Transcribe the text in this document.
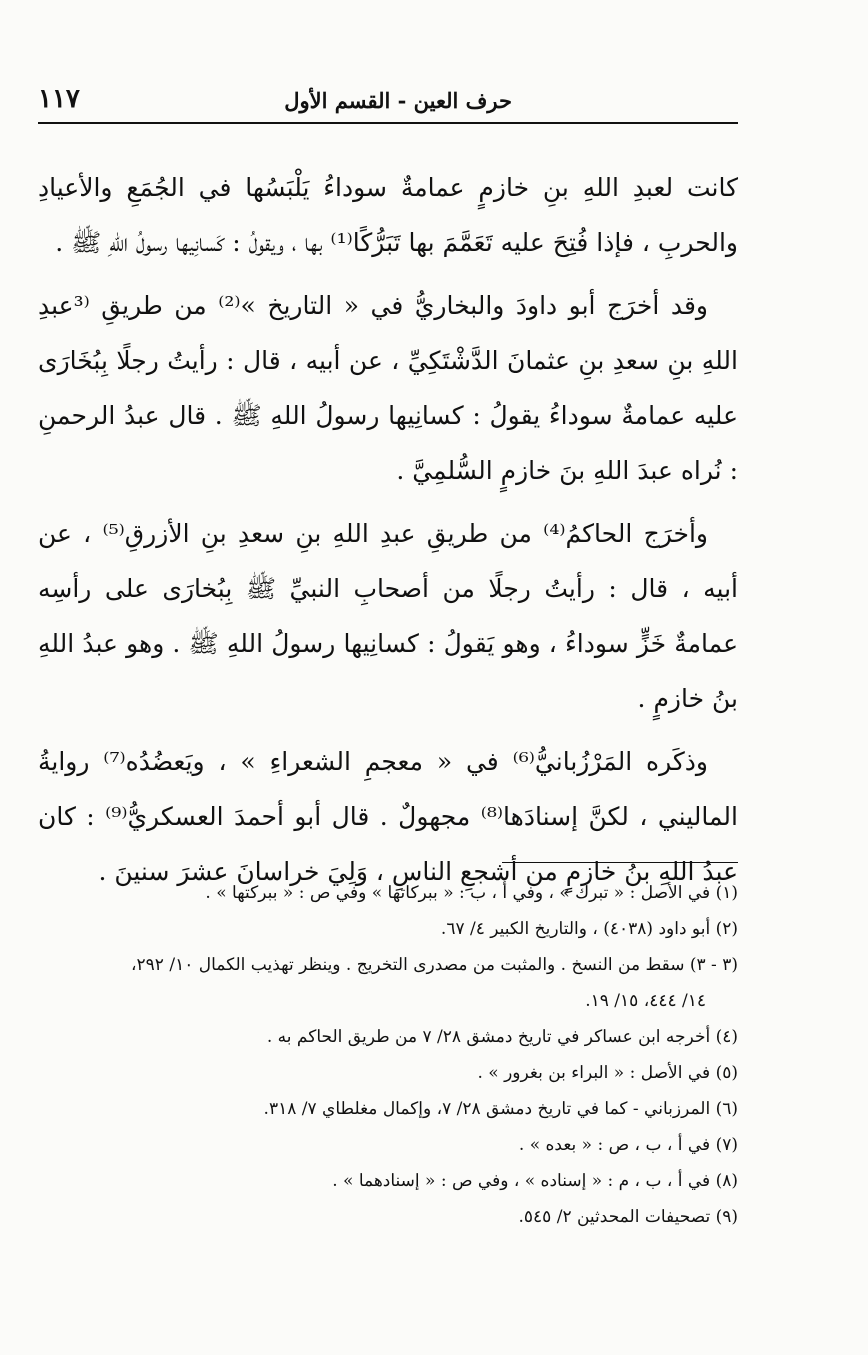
١١٧	حرف العين - القسم الأول

كانت لعبدِ اللهِ بنِ خازمٍ عمامةٌ سوداءُ يَلْبَسُها في الجُمَعِ والأعيادِ والحربِ ، فإذا فُتِحَ عليه تَعَمَّمَ بها تَبَرُّكًا⁽¹⁾ بها ، ويقولُ : كَسانِيها رسولُ اللهِ ﷺ .

وقد أخرَج أبو داودَ والبخاريُّ في « التاريخ »⁽²⁾ من طريقِ ⁽³عبدِ اللهِ بنِ سعدِ بنِ عثمانَ الدَّشْتَكِيِّ ، عن أبيه ، قال : رأيتُ رجلًا بِبُخَارَى عليه عمامةٌ سوداءُ يقولُ : كسانِيها رسولُ اللهِ ﷺ . قال عبدُ الرحمنِ : نُراه عبدَ اللهِ بنَ خازمٍ السُّلمِيَّ .

وأخرَج الحاكمُ⁽⁴⁾ من طريقِ عبدِ اللهِ بنِ سعدِ بنِ الأزرقِ⁽⁵⁾ ، عن أبيه ، قال : رأيتُ رجلًا من أصحابِ النبيِّ ﷺ بِبُخارَى على رأسِه عمامةٌ خَزٍّ سوداءُ ، وهو يَقولُ : كسانِيها رسولُ اللهِ ﷺ . وهو عبدُ اللهِ بنُ خازمٍ .

وذكَره المَرْزُبانيُّ⁽⁶⁾ في « معجمِ الشعراءِ » ، ويَعضُدُه⁽⁷⁾ روايةُ الماليني ، لكنَّ إسنادَها⁽⁸⁾ مجهولٌ . قال أبو أحمدَ العسكريُّ⁽⁹⁾ : كان عبدُ اللهِ بنُ خازمٍ من أشجعِ الناسِ ، وَلِيَ خراسانَ عشرَ سنينَ .

(١) في الأصل : « تبرك » ، وفي أ ، ب : « ببركاتها » وفي ص : « ببركتها » .
(٢) أبو داود (٤٠٣٨) ، والتاريخ الكبير ٤/ ٦٧.
(٣ - ٣) سقط من النسخ . والمثبت من مصدرى التخريج . وينظر تهذيب الكمال ١٠/ ٢٩٢،
١٤/ ٤٤٤، ١٥/ ١٩.
(٤) أخرجه ابن عساكر في تاريخ دمشق ٢٨/ ٧ من طريق الحاكم به .
(٥) في الأصل : « البراء بن بغرور » .
(٦) المرزباني - كما في تاريخ دمشق ٢٨/ ٧، وإكمال مغلطاي ٧/ ٣١٨.
(٧) في أ ، ب ، ص : « بعده » .
(٨) في أ ، ب ، م : « إسناده » ، وفي ص : « إسنادهما » .
(٩) تصحيفات المحدثين ٢/ ٥٤٥.
